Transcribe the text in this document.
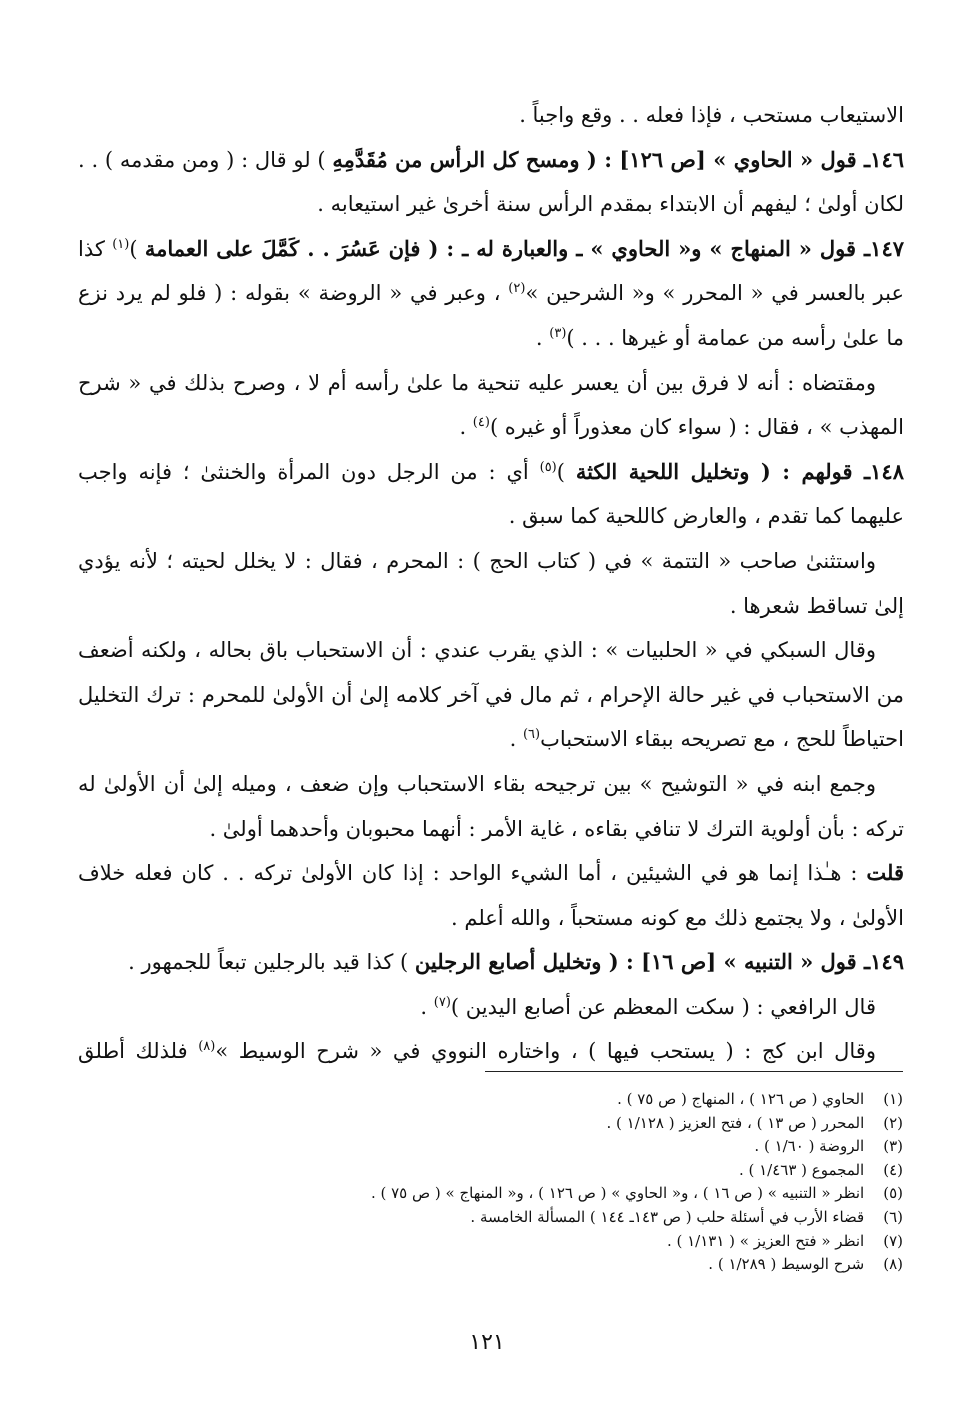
الاستيعاب مستحب ، فإذا فعله . . وقع واجباً .
١٤٦ـ قول « الحاوي » [ص ١٢٦] : ( ومسح كل الرأس من مُقَدَّمِهِ ) لو قال : ( ومن مقدمه ) . .
لكان أولىٰ ؛ ليفهم أن الابتداء بمقدم الرأس سنة أخرىٰ غير استيعابه .
١٤٧ـ قول « المنهاج » و« الحاوي » ـ والعبارة له ـ : ( فإن عَسُرَ . . كَمَّلَ على العمامة )$^{(١)}$ كذا
عبر بالعسر في « المحرر » و« الشرحين »$^{(٢)}$ ، وعبر في « الروضة » بقوله : ( فلو لم يرد نزع
ما علىٰ رأسه من عمامة أو غيرها . . . )$^{(٣)}$ .
ومقتضاه : أنه لا فرق بين أن يعسر عليه تنحية ما علىٰ رأسه أم لا ، وصرح بذلك في « شرح
المهذب » ، فقال : ( سواء كان معذوراً أو غيره )$^{(٤)}$ .
١٤٨ـ قولهم : ( وتخليل اللحية الكثة )$^{(٥)}$ أي : من الرجل دون المرأة والخنثىٰ ؛ فإنه واجب
عليهما كما تقدم ، والعارض كاللحية كما سبق .
واستثنىٰ صاحب « التتمة » في ( كتاب الحج ) : المحرم ، فقال : لا يخلل لحيته ؛ لأنه يؤدي
إلىٰ تساقط شعرها .
وقال السبكي في « الحلبيات » : الذي يقرب عندي : أن الاستحباب باق بحاله ، ولكنه أضعف
من الاستحباب في غير حالة الإحرام ، ثم مال في آخر كلامه إلىٰ أن الأولىٰ للمحرم : ترك التخليل
احتياطاً للحج ، مع تصريحه ببقاء الاستحباب$^{(٦)}$ .
وجمع ابنه في « التوشيح » بين ترجيحه بقاء الاستحباب وإن ضعف ، وميله إلىٰ أن الأولىٰ له
تركه : بأن أولوية الترك لا تنافي بقاءه ، غاية الأمر : أنهما محبوبان وأحدهما أولىٰ .
قلت : هـٰذا إنما هو في الشيئين ، أما الشيء الواحد : إذا كان الأولىٰ تركه . . كان فعله خلاف
الأولىٰ ، ولا يجتمع ذلك مع كونه مستحباً ، والله أعلم .
١٤٩ـ قول « التنبيه » [ص ١٦] : ( وتخليل أصابع الرجلين ) كذا قيد بالرجلين تبعاً للجمهور .
قال الرافعي : ( سكت المعظم عن أصابع اليدين )$^{(٧)}$ .
وقال ابن كج : ( يستحب فيها ) ، واختاره النووي في « شرح الوسيط »$^{(٨)}$ فلذلك أطلق
(١) الحاوي ( ص ١٢٦ ) ، المنهاج ( ص ٧٥ ) .
(٢) المحرر ( ص ١٣ ) ، فتح العزيز ( ١/١٢٨ ) .
(٣) الروضة ( ١/٦٠ ) .
(٤) المجموع ( ١/٤٦٣ ) .
(٥) انظر « التنبيه » ( ص ١٦ ) ، و« الحاوي » ( ص ١٢٦ ) ، و« المنهاج » ( ص ٧٥ ) .
(٦) قضاء الأرب في أسئلة حلب ( ص ١٤٣ـ ١٤٤ ) المسألة الخامسة .
(٧) انظر « فتح العزيز » ( ١/١٣١ ) .
(٨) شرح الوسيط ( ١/٢٨٩ ) .
١٢١
